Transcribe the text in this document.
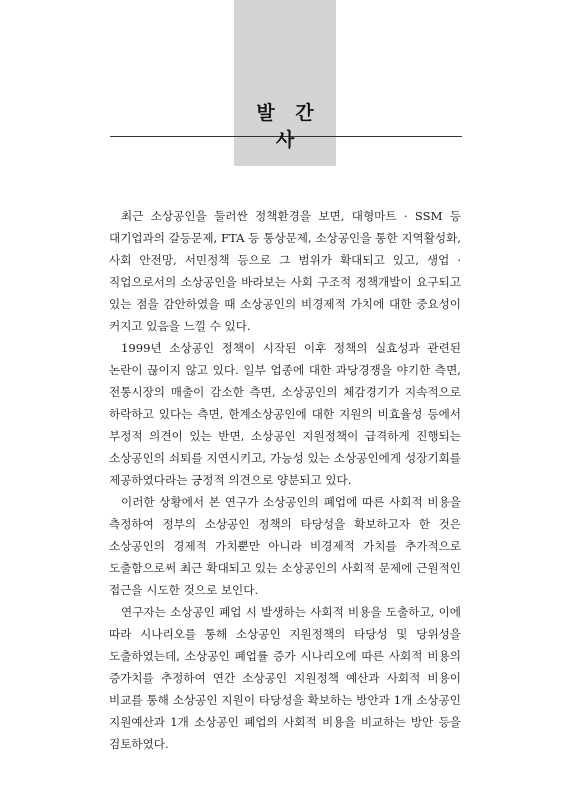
발 간 사

최근 소상공인을 둘러싼 정책환경을 보면, 대형마트 · SSM 등 대기업과의 갈등문제, FTA 등 통상문제, 소상공인을 통한 지역활성화, 사회 안전망, 서민정책 등으로 그 범위가 확대되고 있고, 생업 · 직업으로서의 소상공인을 바라보는 사회 구조적 정책개발이 요구되고 있는 점을 감안하였을 때 소상공인의 비경제적 가치에 대한 중요성이 커지고 있음을 느낄 수 있다.

1999년 소상공인 정책이 시작된 이후 정책의 실효성과 관련된 논란이 끊이지 않고 있다. 일부 업종에 대한 과당경쟁을 야기한 측면, 전통시장의 매출이 감소한 측면, 소상공인의 체감경기가 지속적으로 하락하고 있다는 측면, 한계소상공인에 대한 지원의 비효율성 등에서 부정적 의견이 있는 반면, 소상공인 지원정책이 급격하게 진행되는 소상공인의 쇠퇴를 지연시키고, 가능성 있는 소상공인에게 성장기회를 제공하였다라는 긍정적 의견으로 양분되고 있다.

이러한 상황에서 본 연구가 소상공인의 폐업에 따른 사회적 비용을 측정하여 정부의 소상공인 정책의 타당성을 확보하고자 한 것은 소상공인의 경제적 가치뿐만 아니라 비경제적 가치를 추가적으로 도출함으로써 최근 확대되고 있는 소상공인의 사회적 문제에 근원적인 접근을 시도한 것으로 보인다.

연구자는 소상공인 폐업 시 발생하는 사회적 비용을 도출하고, 이에 따라 시나리오를 통해 소상공인 지원정책의 타당성 및 당위성을 도출하였는데, 소상공인 폐업률 증가 시나리오에 따른 사회적 비용의 증가치를 추정하여 연간 소상공인 지원정책 예산과 사회적 비용이 비교를 통해 소상공인 지원이 타당성을 확보하는 방안과 1개 소상공인 지원예산과 1개 소상공인 폐업의 사회적 비용을 비교하는 방안 등을 검토하였다.
